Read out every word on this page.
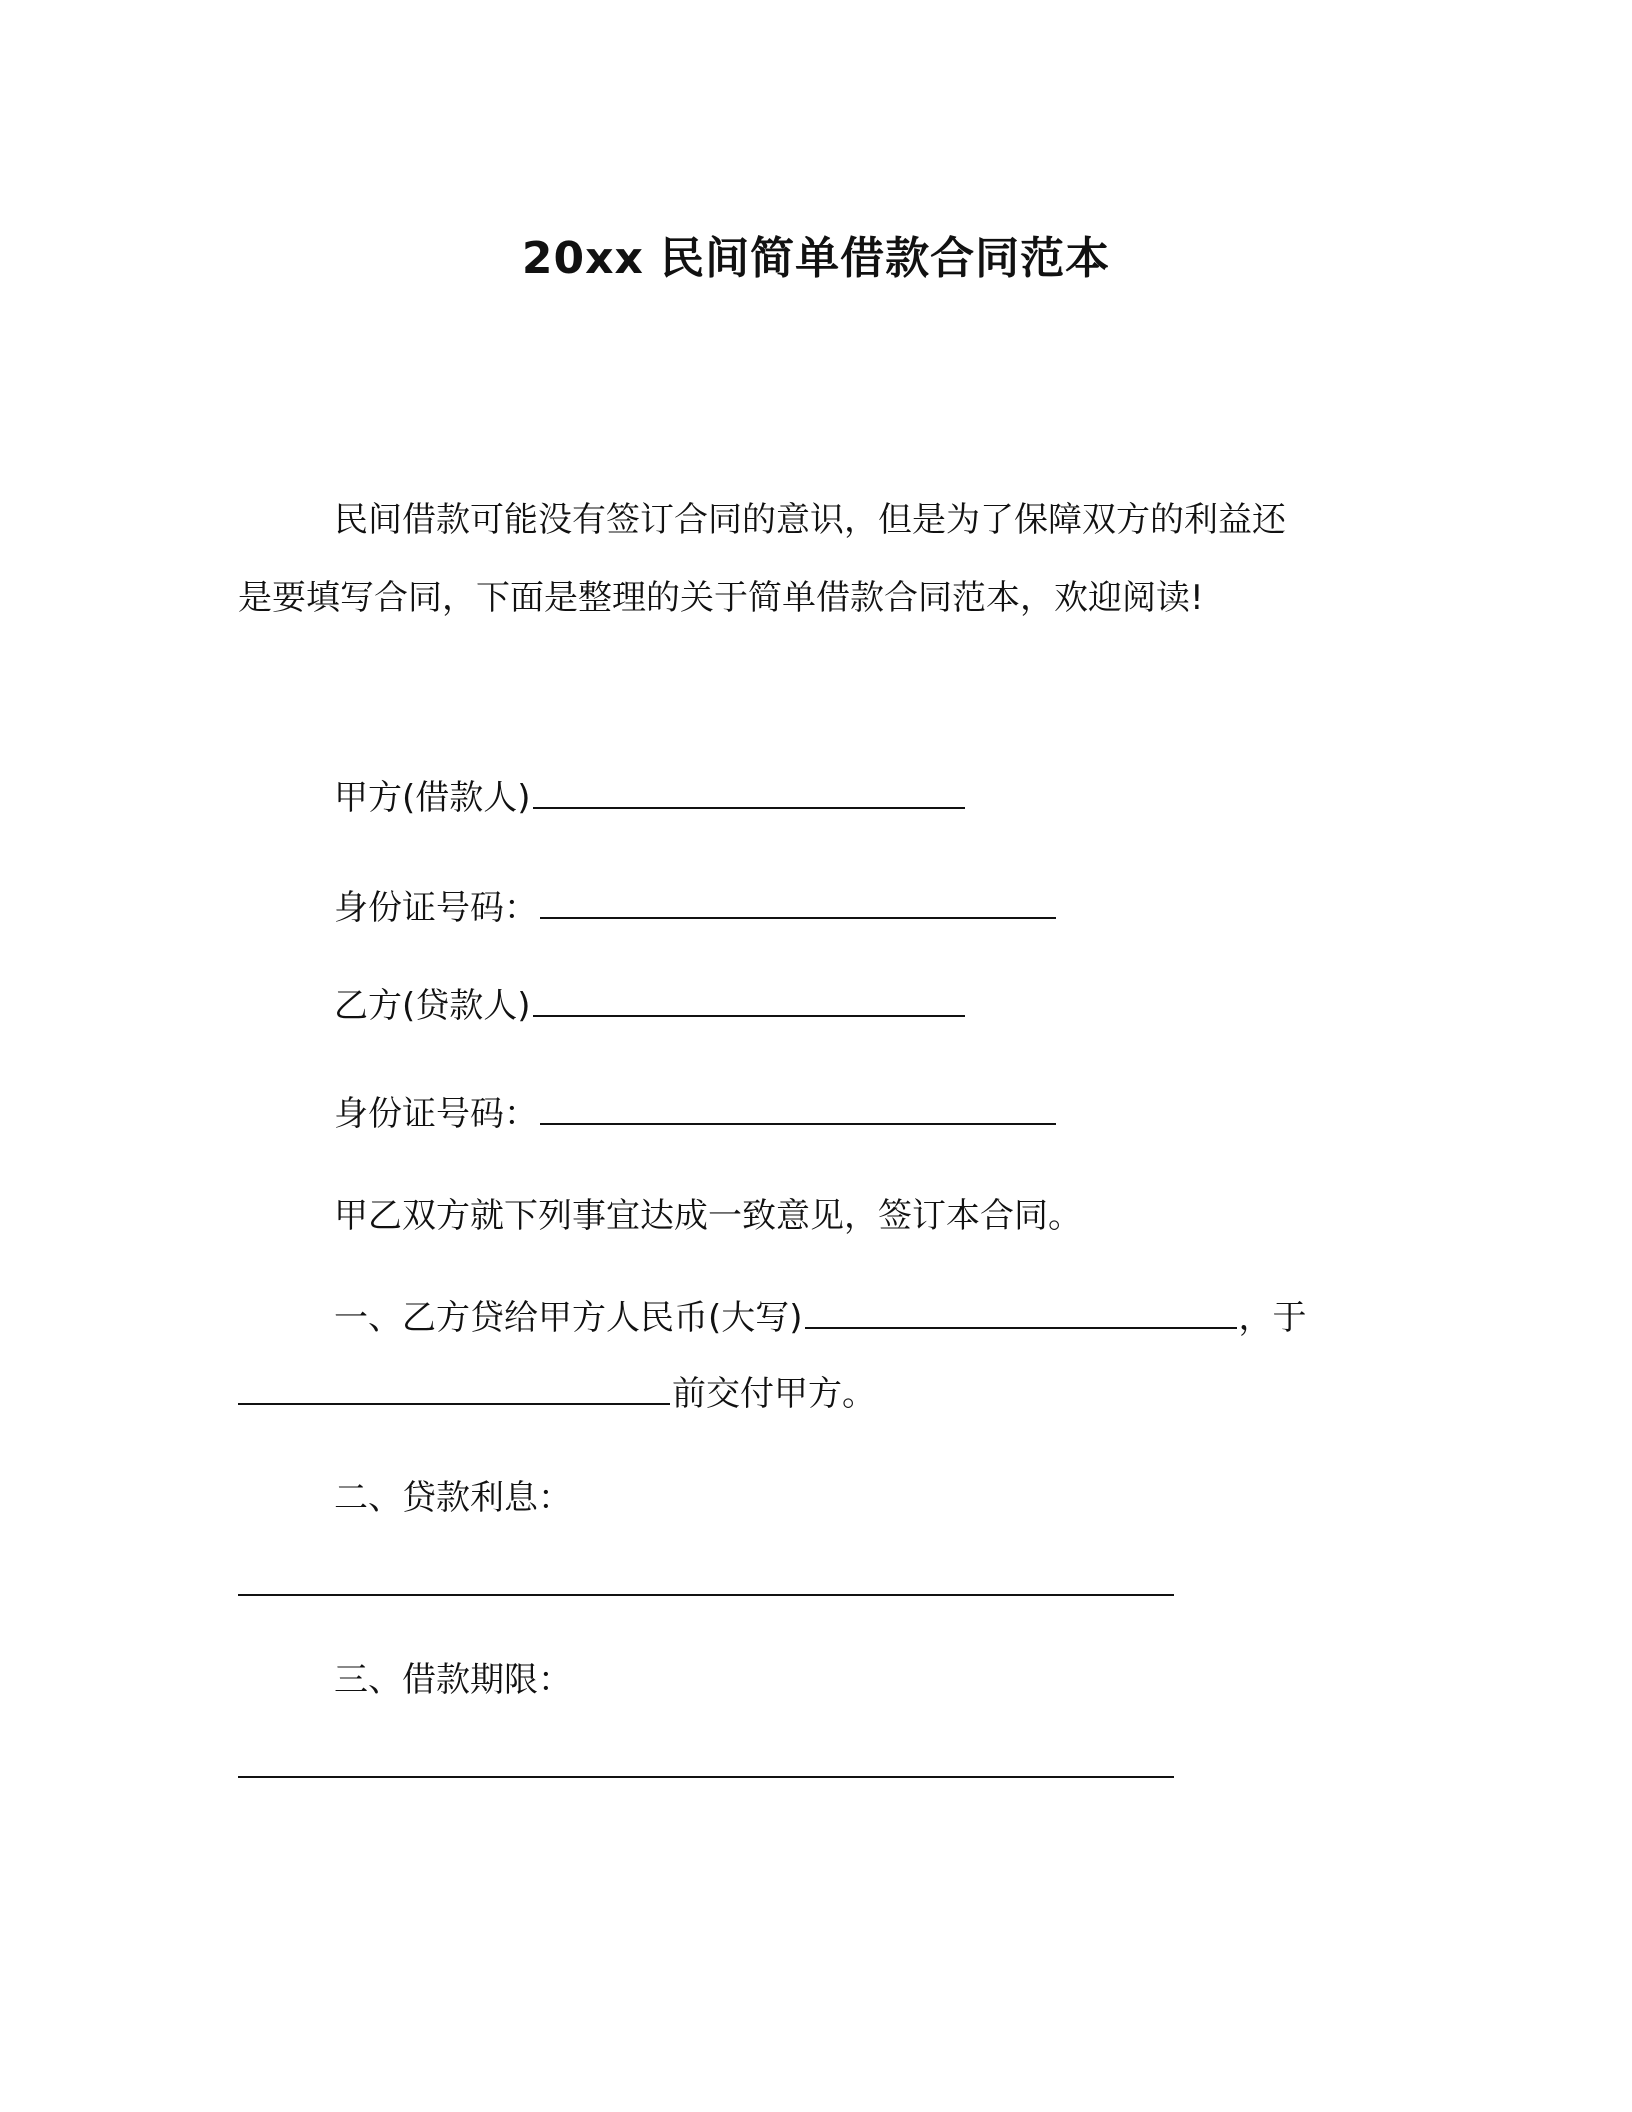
20xx 民间简单借款合同范本
民间借款可能没有签订合同的意识，但是为了保障双方的利益还
是要填写合同，下面是整理的关于简单借款合同范本，欢迎阅读!
甲方(借款人)
身份证号码：
乙方(贷款人)
身份证号码：
甲乙双方就下列事宜达成一致意见，签订本合同。
一、乙方贷给甲方人民币(大写)	，于
前交付甲方。
二、贷款利息：
三、借款期限：
